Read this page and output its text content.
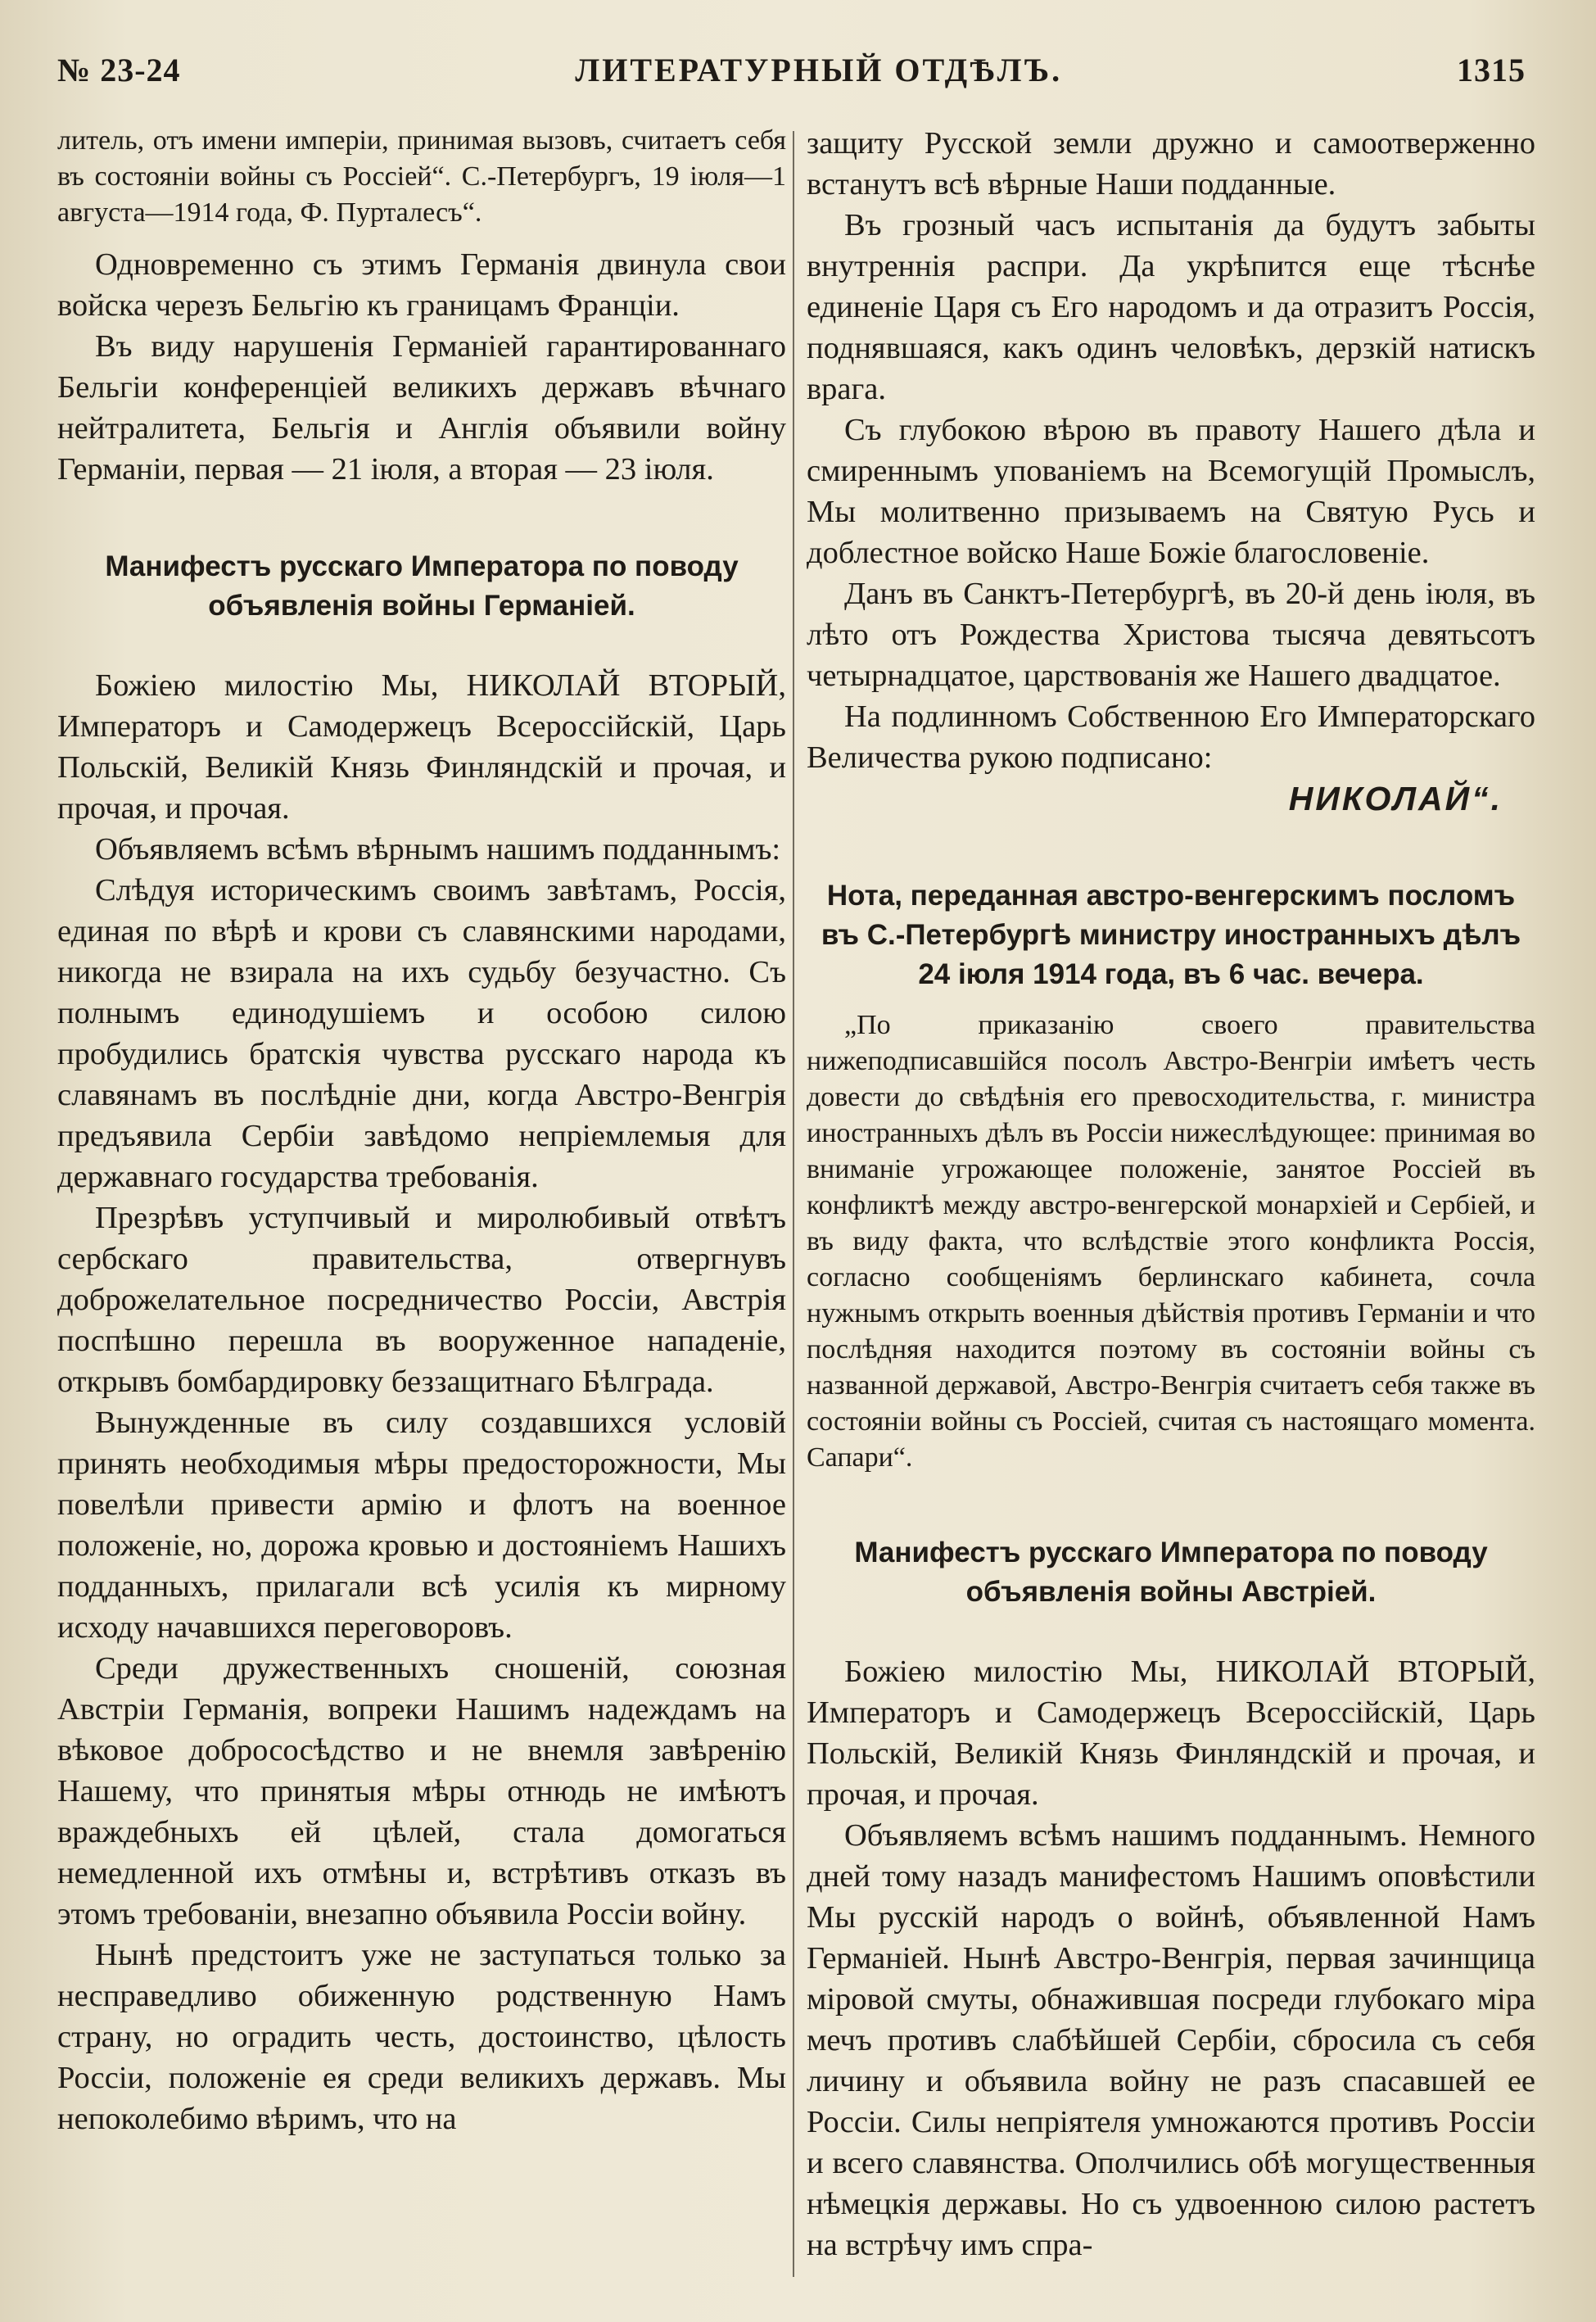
№ 23-24	ЛИТЕРАТУРНЫЙ ОТДѢЛЪ.	1315

литель, отъ имени имперіи, принимая вызовъ, считаетъ себя въ состояніи войны съ Россіей“. С.-Петербургъ, 19 іюля—1 августа—1914 года, Ф. Пурталесъ“.

Одновременно съ этимъ Германія двинула свои войска черезъ Бельгію къ границамъ Франціи.

Въ виду нарушенія Германіей гарантированнаго Бельгіи конференціей великихъ державъ вѣчнаго нейтралитета, Бельгія и Англія объявили войну Германіи, первая — 21 іюля, а вторая — 23 іюля.

Манифестъ русскаго Императора по поводу объявленія войны Германіей.

Божіею милостію Мы, НИКОЛАЙ ВТОРЫЙ, Императоръ и Самодержецъ Всероссійскій, Царь Польскій, Великій Князь Финляндскій и прочая, и прочая, и прочая.

Объявляемъ всѣмъ вѣрнымъ нашимъ подданнымъ:

Слѣдуя историческимъ своимъ завѣтамъ, Россія, единая по вѣрѣ и крови съ славянскими народами, никогда не взирала на ихъ судьбу безучастно. Съ полнымъ единодушіемъ и особою силою пробудились братскія чувства русскаго народа къ славянамъ въ послѣдніе дни, когда Австро-Венгрія предъявила Сербіи завѣдомо непріемлемыя для державнаго государства требованія.

Презрѣвъ уступчивый и миролюбивый отвѣтъ сербскаго правительства, отвергнувъ доброжелательное посредничество Россіи, Австрія поспѣшно перешла въ вооруженное нападеніе, открывъ бомбардировку беззащитнаго Бѣлграда.

Вынужденные въ силу создавшихся условій принять необходимыя мѣры предосторожности, Мы повелѣли привести армію и флотъ на военное положеніе, но, дорожа кровью и достояніемъ Нашихъ подданныхъ, прилагали всѣ усилія къ мирному исходу начавшихся переговоровъ.

Среди дружественныхъ сношеній, союзная Австріи Германія, вопреки Нашимъ надеждамъ на вѣковое добрососѣдство и не внемля завѣренію Нашему, что принятыя мѣры отнюдь не имѣютъ враждебныхъ ей цѣлей, стала домогаться немедленной ихъ отмѣны и, встрѣтивъ отказъ въ этомъ требованіи, внезапно объявила Россіи войну.

Нынѣ предстоитъ уже не заступаться только за несправедливо обиженную родственную Намъ страну, но оградить честь, достоинство, цѣлость Россіи, положеніе ея среди великихъ державъ. Мы непоколебимо вѣримъ, что на

защиту Русской земли дружно и самоотверженно встанутъ всѣ вѣрные Наши подданные.

Въ грозный часъ испытанія да будутъ забыты внутреннія распри. Да укрѣпится еще тѣснѣе единеніе Царя съ Его народомъ и да отразитъ Россія, поднявшаяся, какъ одинъ человѣкъ, дерзкій натискъ врага.

Съ глубокою вѣрою въ правоту Нашего дѣла и смиреннымъ упованіемъ на Всемогущій Промыслъ, Мы молитвенно призываемъ на Святую Русь и доблестное войско Наше Божіе благословеніе.

Данъ въ Санктъ-Петербургѣ, въ 20-й день іюля, въ лѣто отъ Рождества Христова тысяча девятьсотъ четырнадцатое, царствованія же Нашего двадцатое.

На подлинномъ Собственною Его Императорскаго Величества рукою подписано:

НИКОЛАЙ“.
Нота, переданная австро-венгерскимъ посломъ въ С.-Петербургѣ министру иностранныхъ дѣлъ 24 іюля 1914 года, въ 6 час. вечера.

„По приказанію своего правительства нижеподписавшійся посолъ Австро-Венгріи имѣетъ честь довести до свѣдѣнія его превосходительства, г. министра иностранныхъ дѣлъ въ Россіи нижеслѣдующее: принимая во вниманіе угрожающее положеніе, занятое Россіей въ конфликтѣ между австро-венгерской монархіей и Сербіей, и въ виду факта, что вслѣдствіе этого конфликта Россія, согласно сообщеніямъ берлинскаго кабинета, сочла нужнымъ открыть военныя дѣйствія противъ Германіи и что послѣдняя находится поэтому въ состояніи войны съ названной державой, Австро-Венгрія считаетъ себя также въ состояніи войны съ Россіей, считая съ настоящаго момента. Сапари“.

Манифестъ русскаго Императора по поводу объявленія войны Австріей.

Божіею милостію Мы, НИКОЛАЙ ВТОРЫЙ, Императоръ и Самодержецъ Всероссійскій, Царь Польскій, Великій Князь Финляндскій и прочая, и прочая, и прочая.

Объявляемъ всѣмъ нашимъ подданнымъ. Немного дней тому назадъ манифестомъ Нашимъ оповѣстили Мы русскій народъ о войнѣ, объявленной Намъ Германіей. Нынѣ Австро-Венгрія, первая зачинщица міровой смуты, обнажившая посреди глубокаго міра мечъ противъ слабѣйшей Сербіи, сбросила съ себя личину и объявила войну не разъ спасавшей ее Россіи. Силы непріятеля умножаются противъ Россіи и всего славянства. Ополчились обѣ могущественныя нѣмецкія державы. Но съ удвоенною силою растетъ на встрѣчу имъ спра-
